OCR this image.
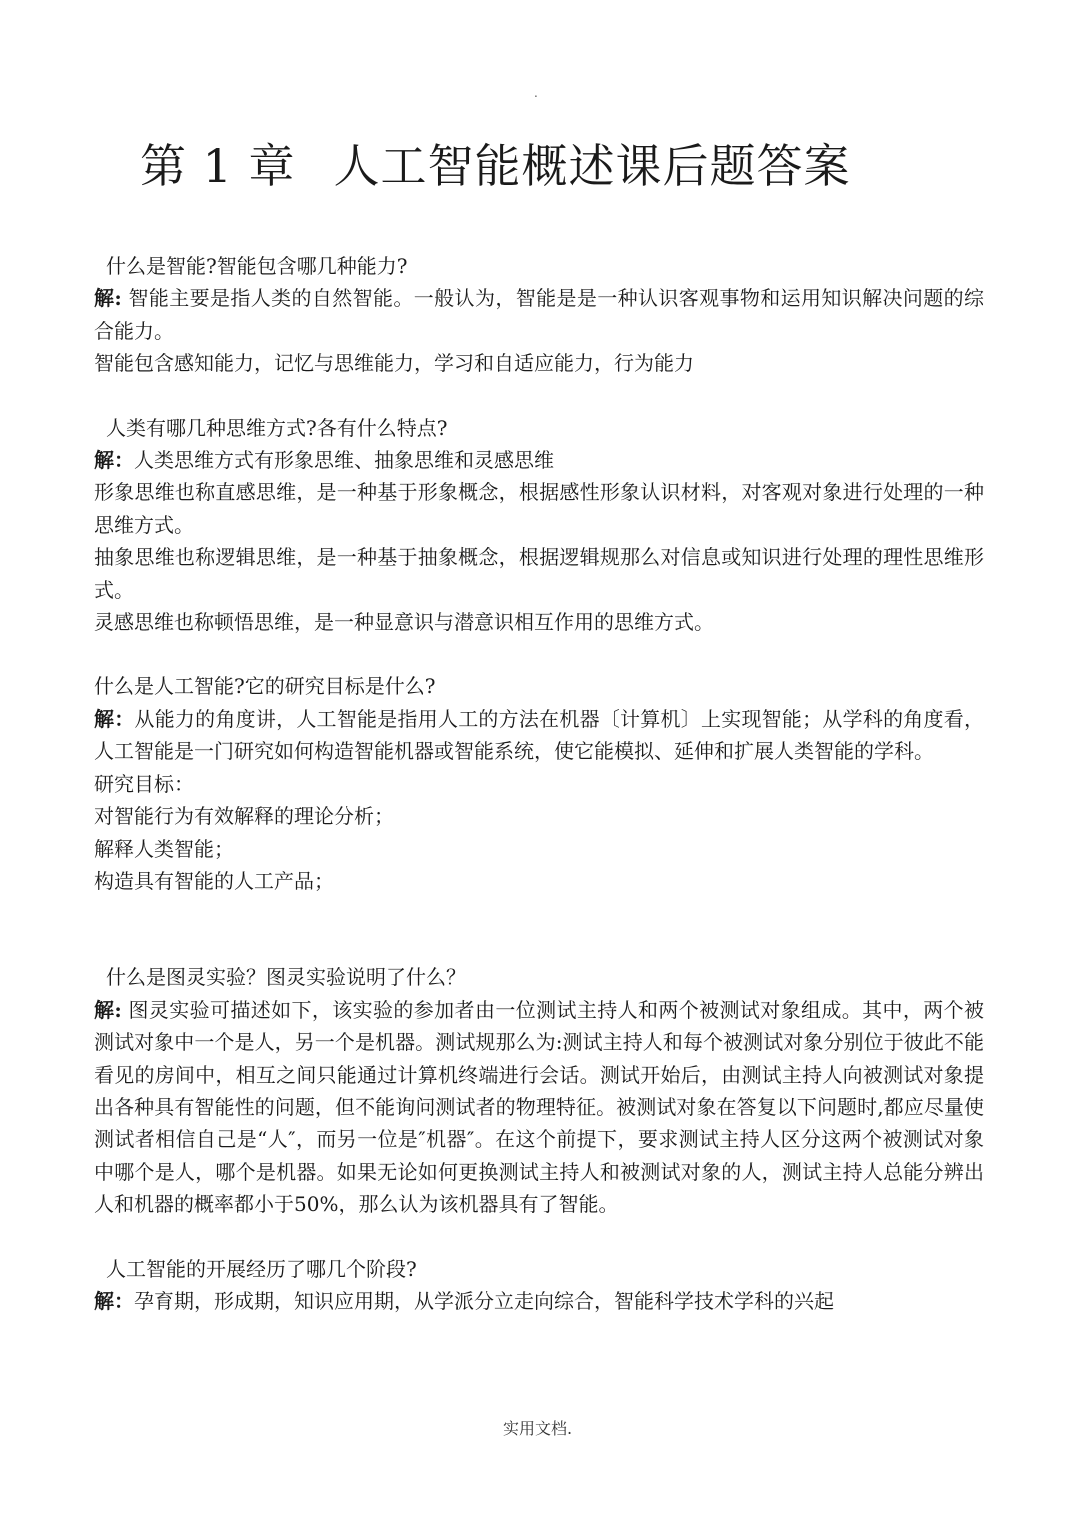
.
第 1 章 人工智能概述课后题答案

什么是智能?智能包含哪几种能力?

解: 智能主要是指人类的自然智能。一般认为，智能是是一种认识客观事物和运用知识解决问题的综合能力。

智能包含感知能力，记忆与思维能力，学习和自适应能力，行为能力

人类有哪几种思维方式?各有什么特点?

解：人类思维方式有形象思维、抽象思维和灵感思维

形象思维也称直感思维，是一种基于形象概念，根据感性形象认识材料，对客观对象进行处理的一种思维方式。

抽象思维也称逻辑思维，是一种基于抽象概念，根据逻辑规那么对信息或知识进行处理的理性思维形式。

灵感思维也称顿悟思维，是一种显意识与潜意识相互作用的思维方式。

什么是人工智能?它的研究目标是什么?

解：从能力的角度讲，人工智能是指用人工的方法在机器〔计算机〕上实现智能；从学科的角度看，人工智能是一门研究如何构造智能机器或智能系统，使它能模拟、延伸和扩展人类智能的学科。

研究目标：

对智能行为有效解释的理论分析；

解释人类智能；

构造具有智能的人工产品；

什么是图灵实验？图灵实验说明了什么？

解: 图灵实验可描述如下，该实验的参加者由一位测试主持人和两个被测试对象组成。其中，两个被测试对象中一个是人，另一个是机器。测试规那么为:测试主持人和每个被测试对象分别位于彼此不能看见的房间中，相互之间只能通过计算机终端进行会话。测试开始后，由测试主持人向被测试对象提出各种具有智能性的问题，但不能询问测试者的物理特征。被测试对象在答复以下问题时,都应尽量使测试者相信自己是“人″，而另一位是″机器″。在这个前提下，要求测试主持人区分这两个被测试对象中哪个是人，哪个是机器。如果无论如何更换测试主持人和被测试对象的人，测试主持人总能分辨出人和机器的概率都小于50%，那么认为该机器具有了智能。

人工智能的开展经历了哪几个阶段?

解：孕育期，形成期，知识应用期，从学派分立走向综合，智能科学技术学科的兴起

实用文档.
